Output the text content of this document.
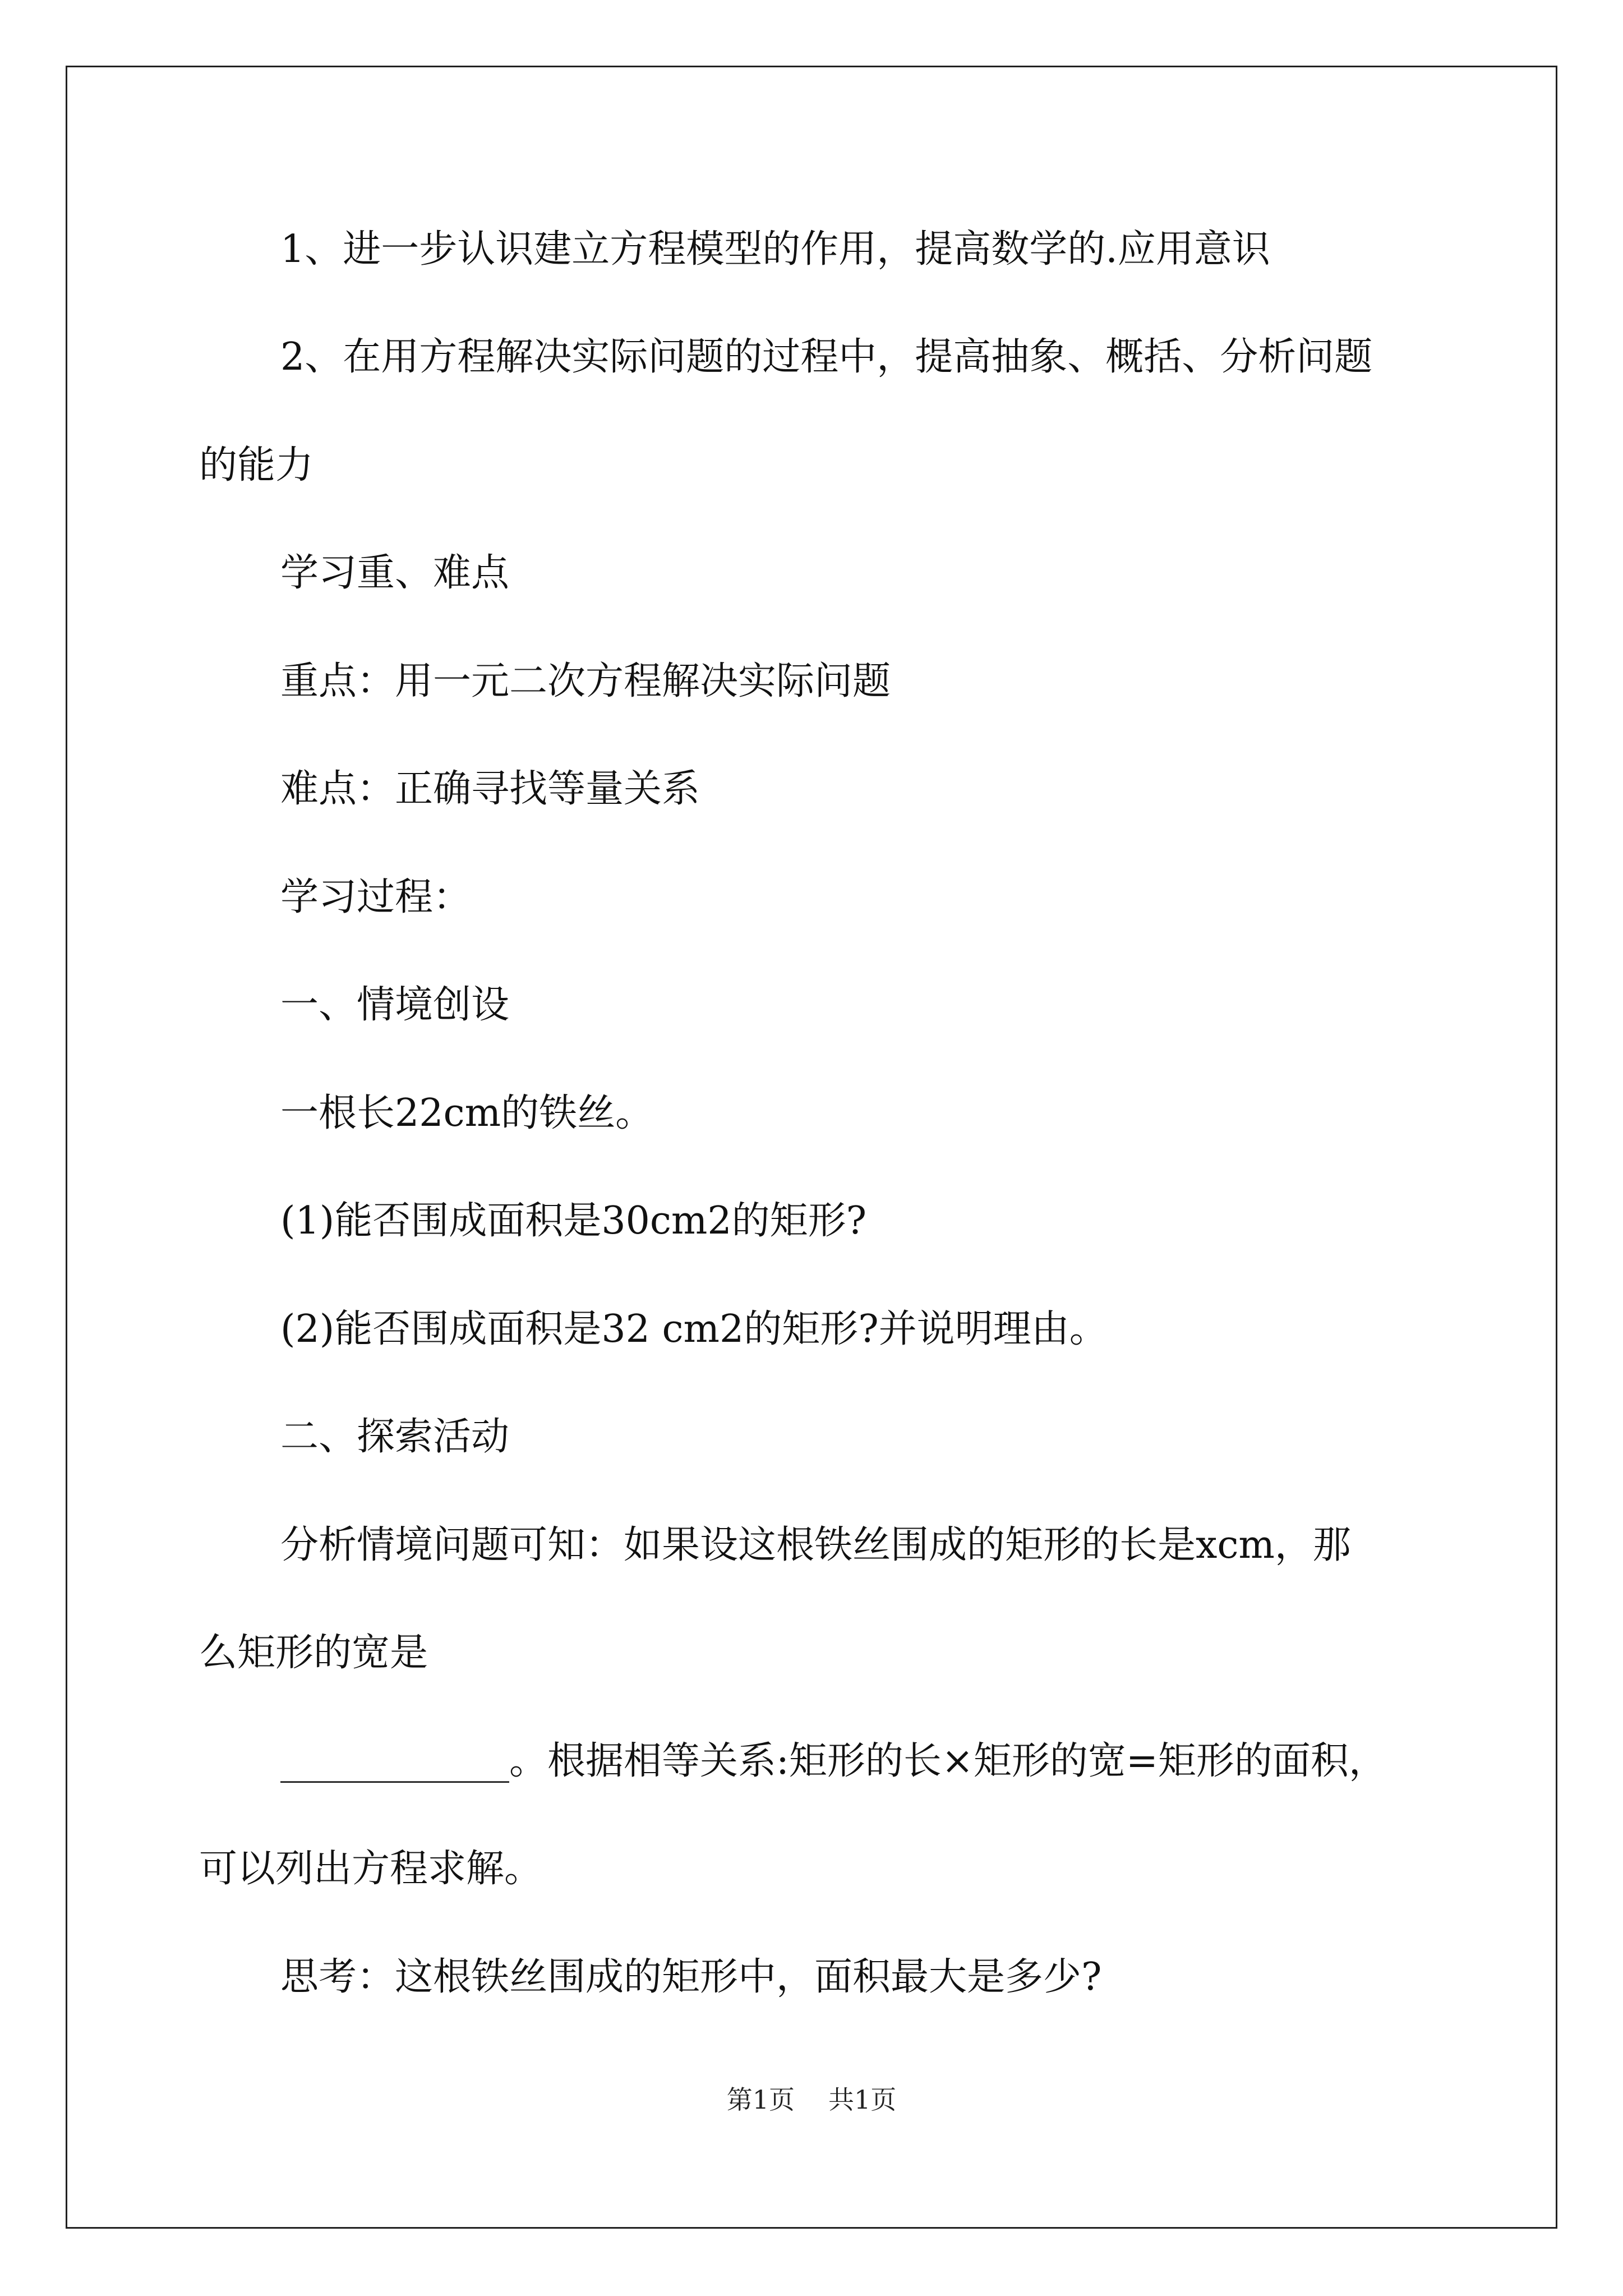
1、进一步认识建立方程模型的作用，提高数学的.应用意识
2、在用方程解决实际问题的过程中，提高抽象、概括、分析问题
的能力
学习重、难点
重点：用一元二次方程解决实际问题
难点：正确寻找等量关系
学习过程：
一、情境创设
一根长22cm的铁丝。
(1)能否围成面积是30cm2的矩形?
(2)能否围成面积是32 cm2的矩形?并说明理由。
二、探索活动
分析情境问题可知：如果设这根铁丝围成的矩形的长是xcm，那
么矩形的宽是
____________。根据相等关系:矩形的长×矩形的宽=矩形的面积，
可以列出方程求解。
思考：这根铁丝围成的矩形中，面积最大是多少?
第1页 共1页
